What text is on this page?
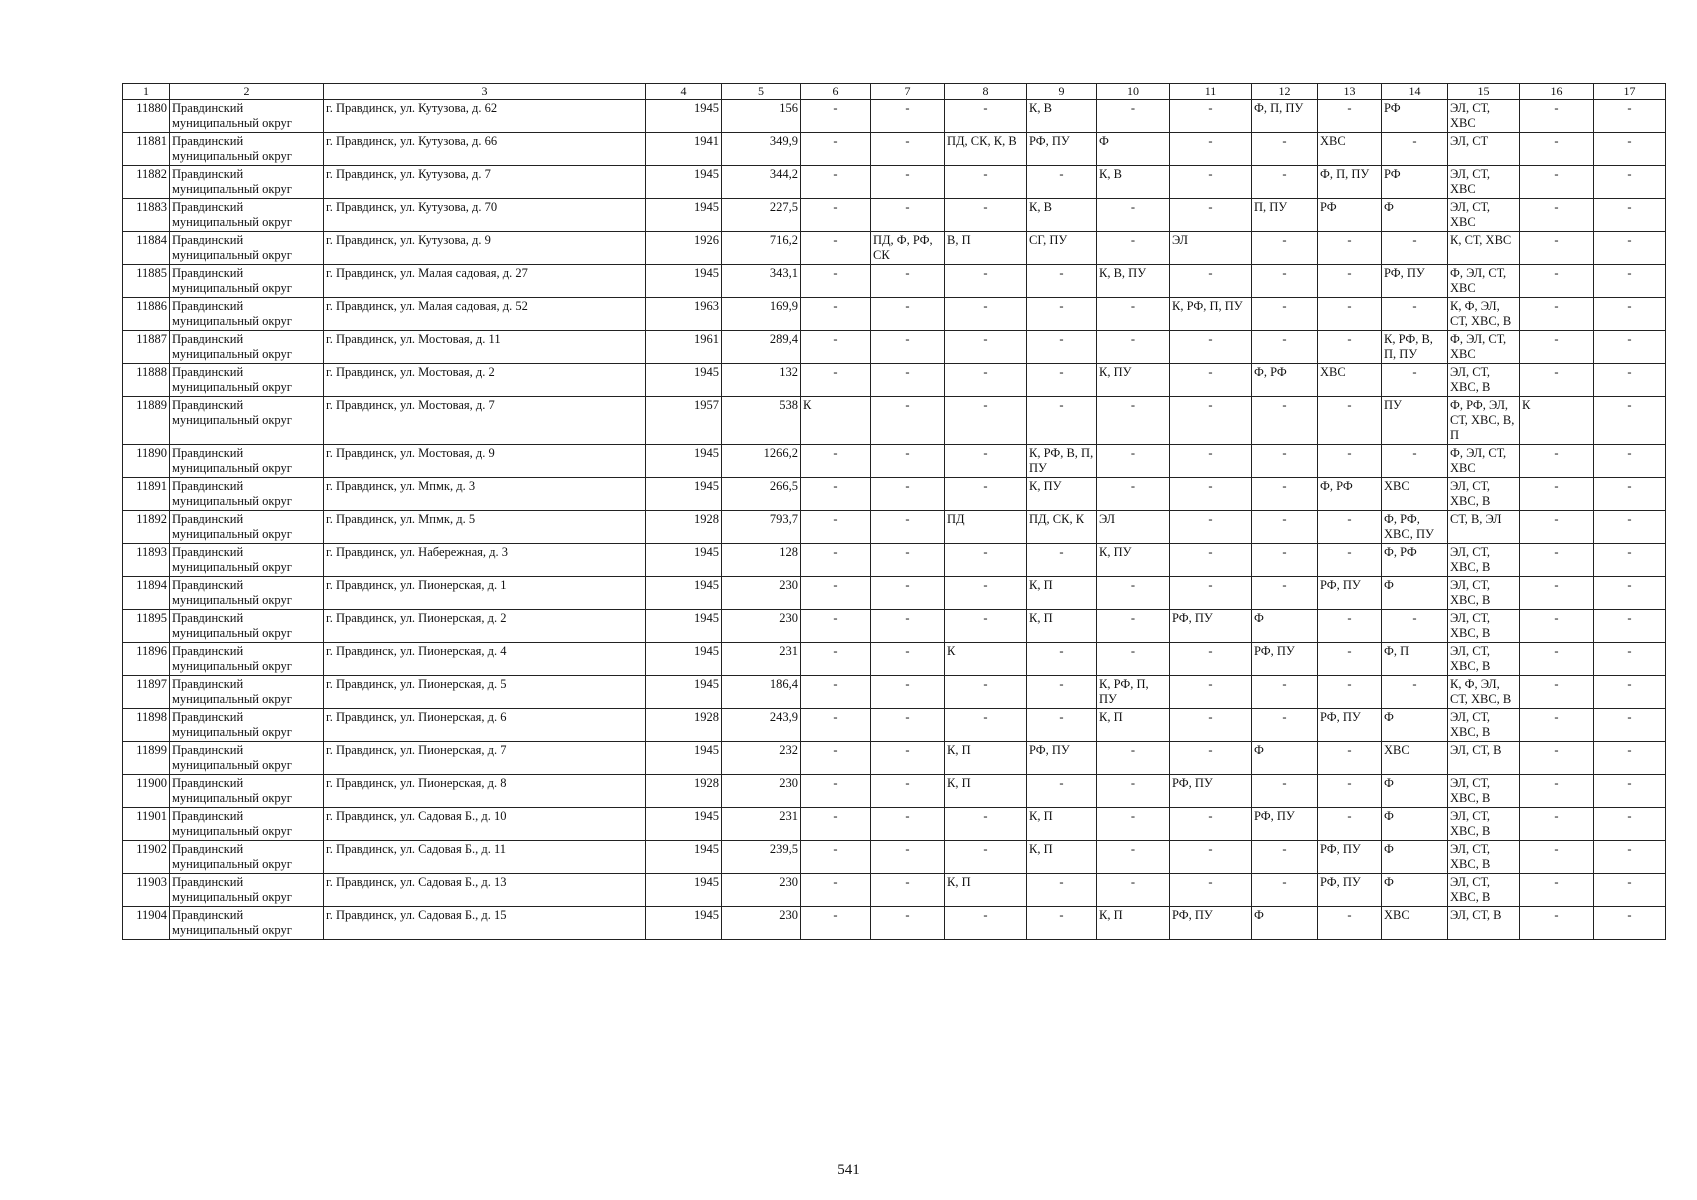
1	2	3	4	5	6	7	8	9	10	11	12	13	14	15	16	17
11880	Правдинский муниципальный округ	г. Правдинск, ул. Кутузова, д. 62	1945	156	-	-	-	К, В	-	-	Ф, П, ПУ	-	РФ	ЭЛ, СТ, ХВС	-	-
11881	Правдинский муниципальный округ	г. Правдинск, ул. Кутузова, д. 66	1941	349,9	-	-	ПД, СК, К, В	РФ, ПУ	Ф	-	-	ХВС	-	ЭЛ, СТ	-	-
11882	Правдинский муниципальный округ	г. Правдинск, ул. Кутузова, д. 7	1945	344,2	-	-	-	-	К, В	-	-	Ф, П, ПУ	РФ	ЭЛ, СТ, ХВС	-	-
11883	Правдинский муниципальный округ	г. Правдинск, ул. Кутузова, д. 70	1945	227,5	-	-	-	К, В	-	-	П, ПУ	РФ	Ф	ЭЛ, СТ, ХВС	-	-
11884	Правдинский муниципальный округ	г. Правдинск, ул. Кутузова, д. 9	1926	716,2	-	ПД, Ф, РФ, СК	В, П	СГ, ПУ	-	ЭЛ	-	-	-	К, СТ, ХВС	-	-
11885	Правдинский муниципальный округ	г. Правдинск, ул. Малая садовая, д. 27	1945	343,1	-	-	-	-	К, В, ПУ	-	-	-	РФ, ПУ	Ф, ЭЛ, СТ, ХВС	-	-
11886	Правдинский муниципальный округ	г. Правдинск, ул. Малая садовая, д. 52	1963	169,9	-	-	-	-	-	К, РФ, П, ПУ	-	-	-	К, Ф, ЭЛ, СТ, ХВС, В	-	-
11887	Правдинский муниципальный округ	г. Правдинск, ул. Мостовая, д. 11	1961	289,4	-	-	-	-	-	-	-	-	К, РФ, В, П, ПУ	Ф, ЭЛ, СТ, ХВС	-	-
11888	Правдинский муниципальный округ	г. Правдинск, ул. Мостовая, д. 2	1945	132	-	-	-	-	К, ПУ	-	Ф, РФ	ХВС	-	ЭЛ, СТ, ХВС, В	-	-
11889	Правдинский муниципальный округ	г. Правдинск, ул. Мостовая, д. 7	1957	538	К	-	-	-	-	-	-	-	ПУ	Ф, РФ, ЭЛ, СТ, ХВС, В, П	К	-
11890	Правдинский муниципальный округ	г. Правдинск, ул. Мостовая, д. 9	1945	1266,2	-	-	-	К, РФ, В, П, ПУ	-	-	-	-	-	Ф, ЭЛ, СТ, ХВС	-	-
11891	Правдинский муниципальный округ	г. Правдинск, ул. Мпмк, д. 3	1945	266,5	-	-	-	К, ПУ	-	-	-	Ф, РФ	ХВС	ЭЛ, СТ, ХВС, В	-	-
11892	Правдинский муниципальный округ	г. Правдинск, ул. Мпмк, д. 5	1928	793,7	-	-	ПД	ПД, СК, К	ЭЛ	-	-	-	Ф, РФ, ХВС, ПУ	СТ, В, ЭЛ	-	-
11893	Правдинский муниципальный округ	г. Правдинск, ул. Набережная, д. 3	1945	128	-	-	-	-	К, ПУ	-	-	-	Ф, РФ	ЭЛ, СТ, ХВС, В	-	-
11894	Правдинский муниципальный округ	г. Правдинск, ул. Пионерская, д. 1	1945	230	-	-	-	К, П	-	-	-	РФ, ПУ	Ф	ЭЛ, СТ, ХВС, В	-	-
11895	Правдинский муниципальный округ	г. Правдинск, ул. Пионерская, д. 2	1945	230	-	-	-	К, П	-	РФ, ПУ	Ф	-	-	ЭЛ, СТ, ХВС, В	-	-
11896	Правдинский муниципальный округ	г. Правдинск, ул. Пионерская, д. 4	1945	231	-	-	К	-	-	-	РФ, ПУ	-	Ф, П	ЭЛ, СТ, ХВС, В	-	-
11897	Правдинский муниципальный округ	г. Правдинск, ул. Пионерская, д. 5	1945	186,4	-	-	-	-	К, РФ, П, ПУ	-	-	-	-	К, Ф, ЭЛ, СТ, ХВС, В	-	-
11898	Правдинский муниципальный округ	г. Правдинск, ул. Пионерская, д. 6	1928	243,9	-	-	-	-	К, П	-	-	РФ, ПУ	Ф	ЭЛ, СТ, ХВС, В	-	-
11899	Правдинский муниципальный округ	г. Правдинск, ул. Пионерская, д. 7	1945	232	-	-	К, П	РФ, ПУ	-	-	Ф	-	ХВС	ЭЛ, СТ, В	-	-
11900	Правдинский муниципальный округ	г. Правдинск, ул. Пионерская, д. 8	1928	230	-	-	К, П	-	-	РФ, ПУ	-	-	Ф	ЭЛ, СТ, ХВС, В	-	-
11901	Правдинский муниципальный округ	г. Правдинск, ул. Садовая Б., д. 10	1945	231	-	-	-	К, П	-	-	РФ, ПУ	-	Ф	ЭЛ, СТ, ХВС, В	-	-
11902	Правдинский муниципальный округ	г. Правдинск, ул. Садовая Б., д. 11	1945	239,5	-	-	-	К, П	-	-	-	РФ, ПУ	Ф	ЭЛ, СТ, ХВС, В	-	-
11903	Правдинский муниципальный округ	г. Правдинск, ул. Садовая Б., д. 13	1945	230	-	-	К, П	-	-	-	-	РФ, ПУ	Ф	ЭЛ, СТ, ХВС, В	-	-
11904	Правдинский муниципальный округ	г. Правдинск, ул. Садовая Б., д. 15	1945	230	-	-	-	-	К, П	РФ, ПУ	Ф	-	ХВС	ЭЛ, СТ, В	-	-
541
